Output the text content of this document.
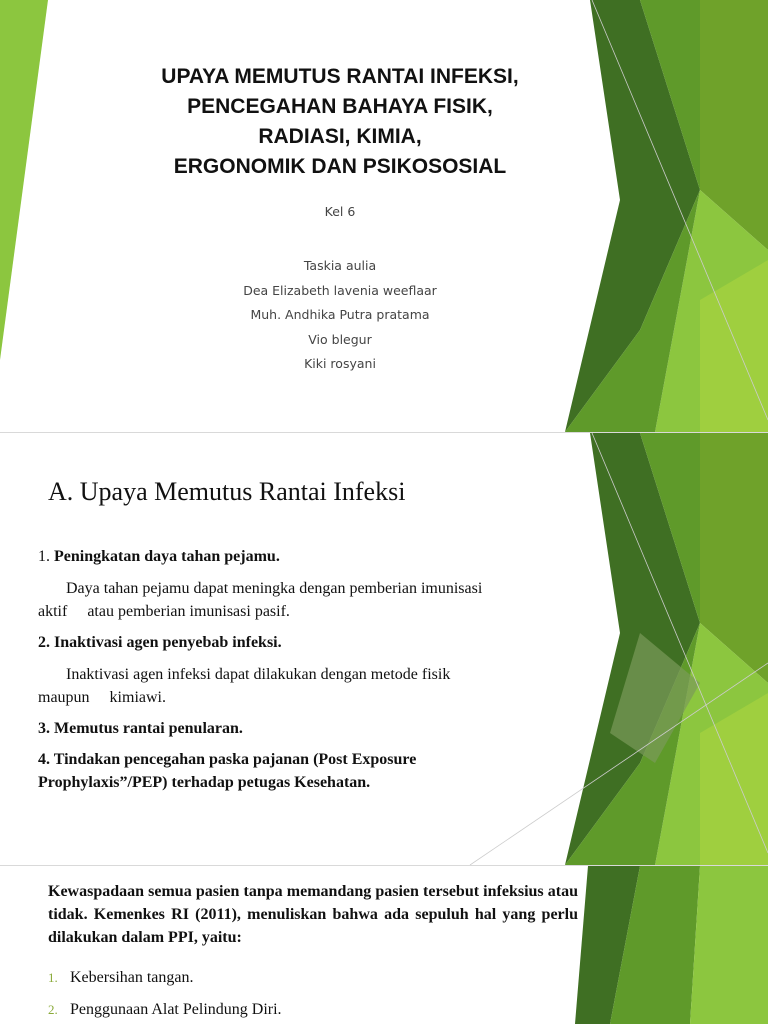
UPAYA MEMUTUS RANTAI INFEKSI,
PENCEGAHAN BAHAYA FISIK,
RADIASI, KIMIA,
ERGONOMIK DAN PSIKOSOSIAL
Kel 6
Taskia aulia
Dea Elizabeth lavenia weeflaar
Muh. Andhika Putra pratama
Vio blegur
Kiki rosyani
A. Upaya Memutus Rantai Infeksi

1. Peningkatan daya tahan pejamu.

Daya tahan pejamu dapat meningka dengan pemberian imunisasi

aktif     atau pemberian imunisasi pasif.

2. Inaktivasi agen penyebab infeksi.

Inaktivasi agen infeksi dapat dilakukan dengan metode fisik

maupun     kimiawi.

3. Memutus rantai penularan.

4. Tindakan pencegahan paska pajanan (Post Exposure

Prophylaxis”/PEP) terhadap petugas Kesehatan.

Kewaspadaan semua pasien tanpa memandang pasien tersebut infeksius atau tidak. Kemenkes RI (2011), menuliskan bahwa ada sepuluh hal yang perlu dilakukan dalam PPI, yaitu:

1. Kebersihan tangan.
2. Penggunaan Alat Pelindung Diri.
